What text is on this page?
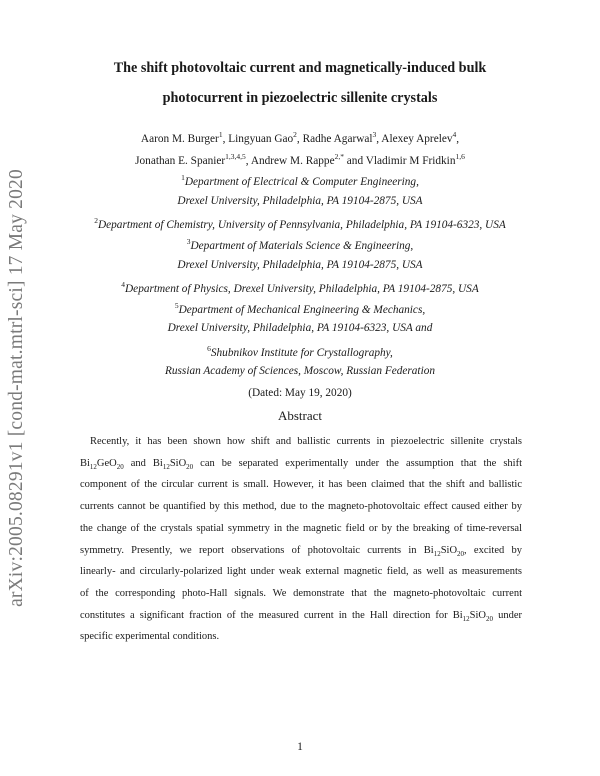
arXiv:2005.08291v1 [cond-mat.mtrl-sci] 17 May 2020
The shift photovoltaic current and magnetically-induced bulk
photocurrent in piezoelectric sillenite crystals
Aaron M. Burger$^1$, Lingyuan Gao$^2$, Radhe Agarwal$^3$, Alexey Aprelev$^4$,
Jonathan E. Spanier$^{1,3,4,5}$, Andrew M. Rappe$^{2,*}$ and Vladimir M Fridkin$^{1,6}$
$^1$Department of Electrical & Computer Engineering,
Drexel University, Philadelphia, PA 19104-2875, USA
$^2$Department of Chemistry, University of Pennsylvania, Philadelphia, PA 19104-6323, USA
$^3$Department of Materials Science & Engineering,
Drexel University, Philadelphia, PA 19104-2875, USA
$^4$Department of Physics, Drexel University, Philadelphia, PA 19104-2875, USA
$^5$Department of Mechanical Engineering & Mechanics,
Drexel University, Philadelphia, PA 19104-6323, USA and
$^6$Shubnikov Institute for Crystallography,
Russian Academy of Sciences, Moscow, Russian Federation
(Dated: May 19, 2020)
Abstract
Recently, it has been shown how shift and ballistic currents in piezoelectric sillenite crystals
$Bi_{12}GeO_{20}$ and $Bi_{12}SiO_{20}$ can be separated experimentally under the assumption that the shift
component of the circular current is small. However, it has been claimed that the shift and ballistic
currents cannot be quantified by this method, due to the magneto-photovoltaic effect caused either by
the change of the crystals spatial symmetry in the magnetic field or by the breaking of time-reversal
symmetry. Presently, we report observations of photovoltaic currents in $Bi_{12}SiO_{20}$, excited by
linearly- and circularly-polarized light under weak external magnetic field, as well as measurements
of the corresponding photo-Hall signals. We demonstrate that the magneto-photovoltaic current
constitutes a significant fraction of the measured current in the Hall direction for $Bi_{12}SiO_{20}$ under
specific experimental conditions.
1
